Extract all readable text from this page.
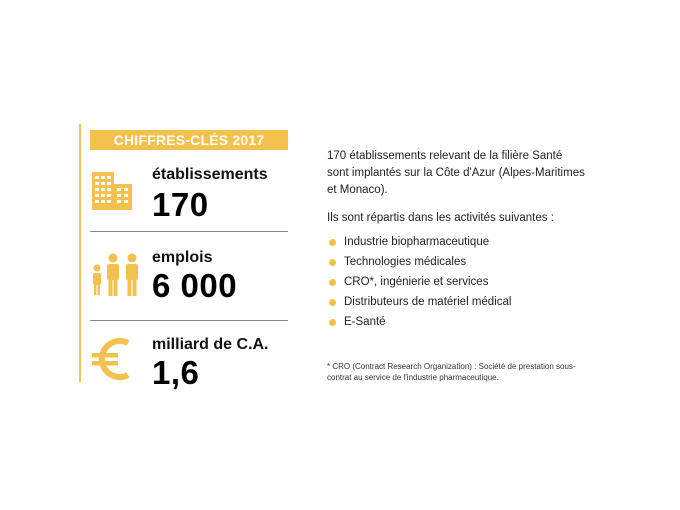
CHIFFRES-CLÉS 2017
établissements
170
emplois
6 000
milliard de C.A.
1,6

170 établissements relevant de la filière Santé sont implantés sur la Côte d'Azur (Alpes-Maritimes et Monaco).

Ils sont répartis dans les activités suivantes :

Industrie biopharmaceutique
Technologies médicales
CRO*, ingénierie et services
Distributeurs de matériel médical
E-Santé
* CRO (Contract Research Organization) : Société de prestation sous-contrat au service de l'industrie pharmaceutique.
